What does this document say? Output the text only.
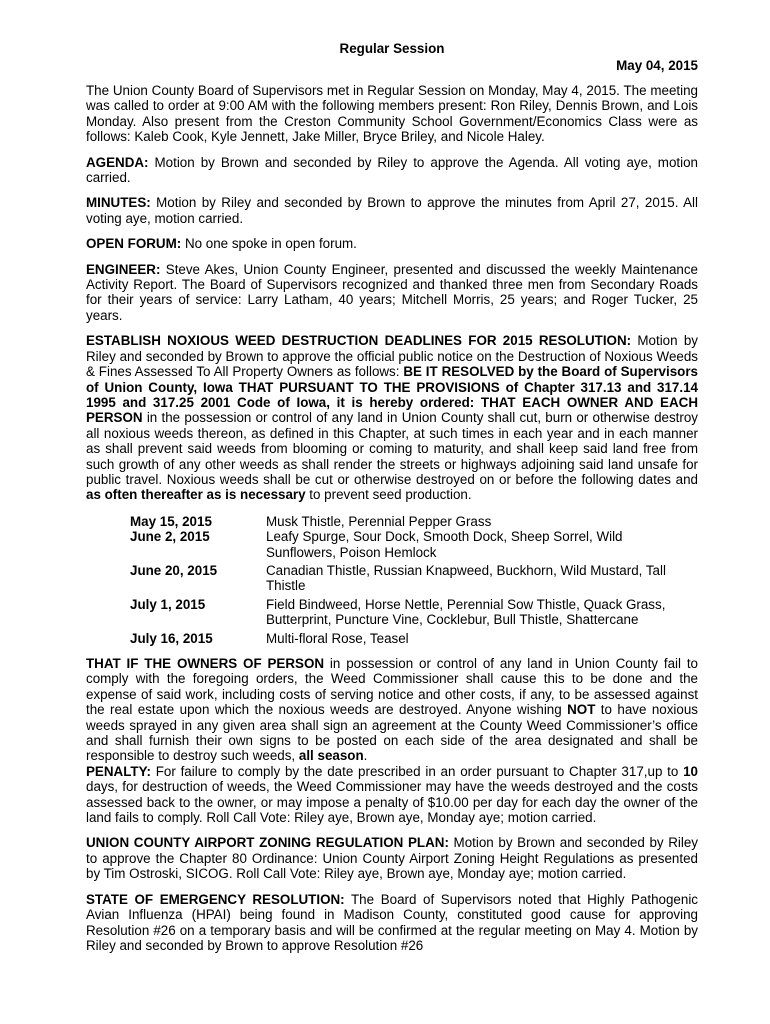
Regular Session
May 04, 2015

The Union County Board of Supervisors met in Regular Session on Monday, May 4, 2015. The meeting was called to order at 9:00 AM with the following members present: Ron Riley, Dennis Brown, and Lois Monday. Also present from the Creston Community School Government/Economics Class were as follows: Kaleb Cook, Kyle Jennett, Jake Miller, Bryce Briley, and Nicole Haley.

AGENDA: Motion by Brown and seconded by Riley to approve the Agenda. All voting aye, motion carried.

MINUTES: Motion by Riley and seconded by Brown to approve the minutes from April 27, 2015. All voting aye, motion carried.

OPEN FORUM: No one spoke in open forum.

ENGINEER: Steve Akes, Union County Engineer, presented and discussed the weekly Maintenance Activity Report. The Board of Supervisors recognized and thanked three men from Secondary Roads for their years of service: Larry Latham, 40 years; Mitchell Morris, 25 years; and Roger Tucker, 25 years.

ESTABLISH NOXIOUS WEED DESTRUCTION DEADLINES FOR 2015 RESOLUTION: Motion by Riley and seconded by Brown to approve the official public notice on the Destruction of Noxious Weeds & Fines Assessed To All Property Owners as follows: BE IT RESOLVED by the Board of Supervisors of Union County, Iowa THAT PURSUANT TO THE PROVISIONS of Chapter 317.13 and 317.14 1995 and 317.25 2001 Code of Iowa, it is hereby ordered: THAT EACH OWNER AND EACH PERSON in the possession or control of any land in Union County shall cut, burn or otherwise destroy all noxious weeds thereon, as defined in this Chapter, at such times in each year and in each manner as shall prevent said weeds from blooming or coming to maturity, and shall keep said land free from such growth of any other weeds as shall render the streets or highways adjoining said land unsafe for public travel. Noxious weeds shall be cut or otherwise destroyed on or before the following dates and as often thereafter as is necessary to prevent seed production.

May 15, 2015	Musk Thistle, Perennial Pepper Grass
June 2, 2015	Leafy Spurge, Sour Dock, Smooth Dock, Sheep Sorrel, Wild Sunflowers, Poison Hemlock
June 20, 2015	Canadian Thistle, Russian Knapweed, Buckhorn, Wild Mustard, Tall Thistle
July 1, 2015	Field Bindweed, Horse Nettle, Perennial Sow Thistle, Quack Grass, Butterprint, Puncture Vine, Cocklebur, Bull Thistle, Shattercane
July 16, 2015	Multi-floral Rose, Teasel

THAT IF THE OWNERS OF PERSON in possession or control of any land in Union County fail to comply with the foregoing orders, the Weed Commissioner shall cause this to be done and the expense of said work, including costs of serving notice and other costs, if any, to be assessed against the real estate upon which the noxious weeds are destroyed. Anyone wishing NOT to have noxious weeds sprayed in any given area shall sign an agreement at the County Weed Commissioner’s office and shall furnish their own signs to be posted on each side of the area designated and shall be responsible to destroy such weeds, all season.
PENALTY: For failure to comply by the date prescribed in an order pursuant to Chapter 317,up to 10 days, for destruction of weeds, the Weed Commissioner may have the weeds destroyed and the costs assessed back to the owner, or may impose a penalty of $10.00 per day for each day the owner of the land fails to comply. Roll Call Vote: Riley aye, Brown aye, Monday aye; motion carried.

UNION COUNTY AIRPORT ZONING REGULATION PLAN: Motion by Brown and seconded by Riley to approve the Chapter 80 Ordinance: Union County Airport Zoning Height Regulations as presented by Tim Ostroski, SICOG. Roll Call Vote: Riley aye, Brown aye, Monday aye; motion carried.

STATE OF EMERGENCY RESOLUTION: The Board of Supervisors noted that Highly Pathogenic Avian Influenza (HPAI) being found in Madison County, constituted good cause for approving Resolution #26 on a temporary basis and will be confirmed at the regular meeting on May 4. Motion by Riley and seconded by Brown to approve Resolution #26
